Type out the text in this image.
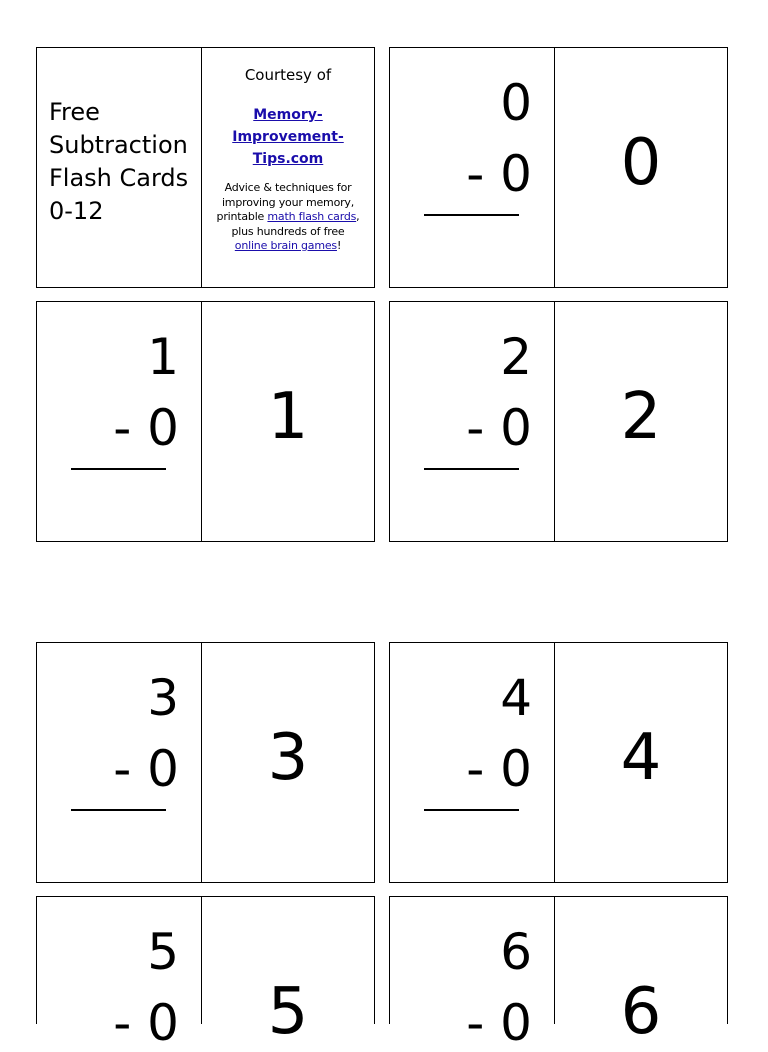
Free
Subtraction
Flash Cards
0-12
Courtesy of
Memory-
Improvement-
Tips.com
Advice & techniques for
improving your memory,
printable math flash cards,
plus hundreds of free
online brain games!
0
- 0	0
1
- 0	1
2
- 0	2
3
- 0	3
4
- 0	4
5
- 0	5
6
- 0	6
